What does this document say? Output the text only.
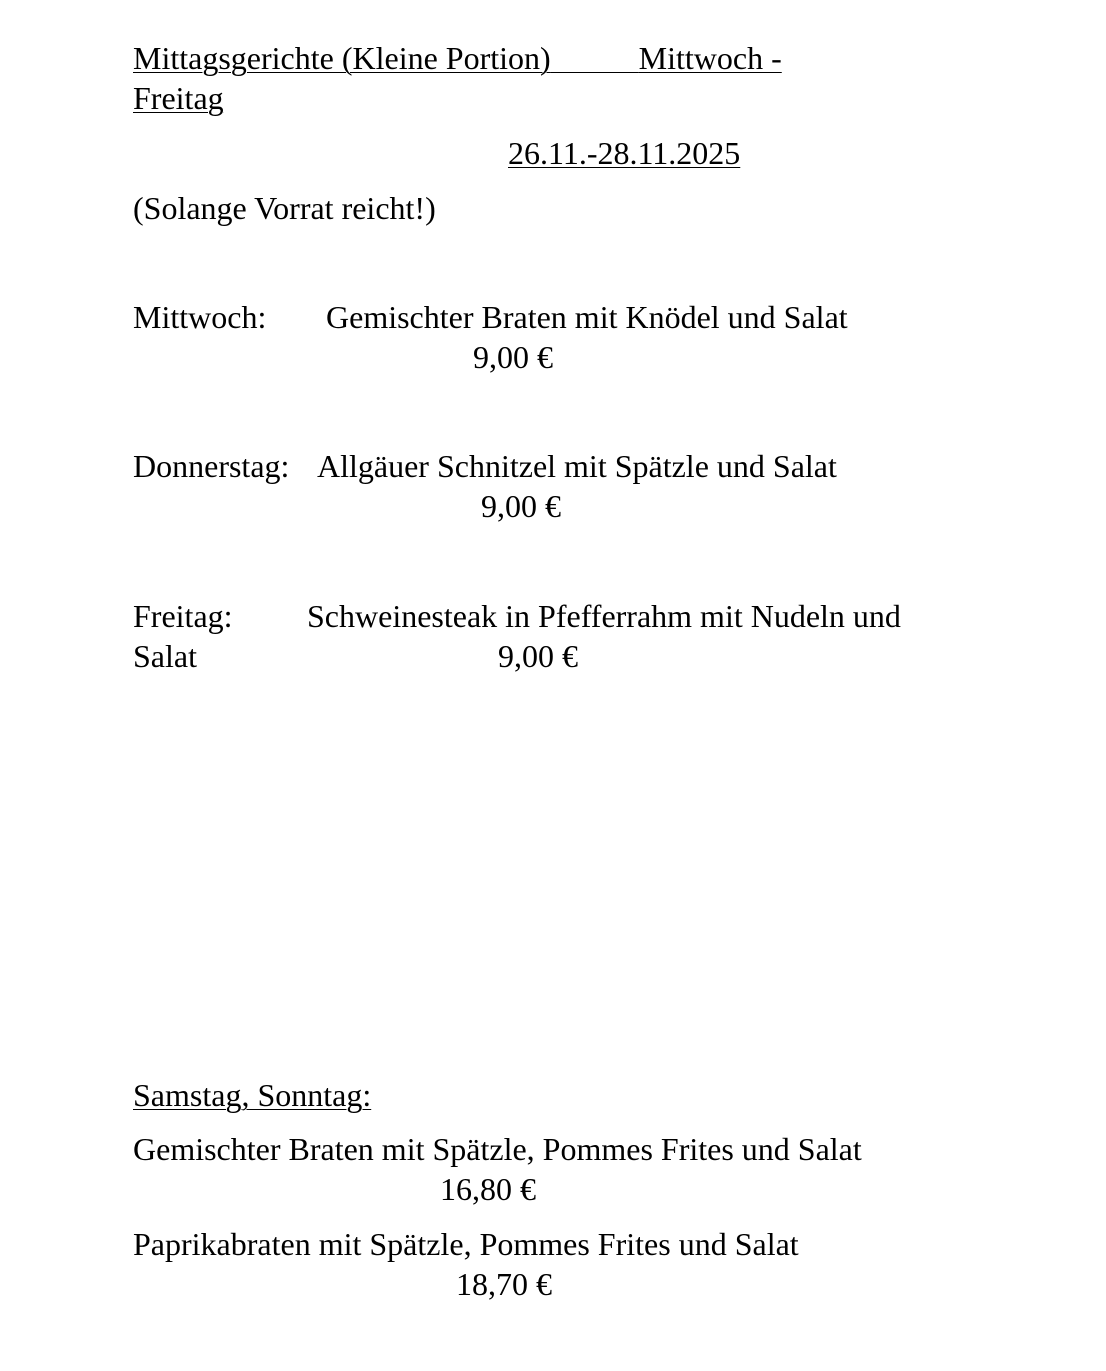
Mittagsgerichte (Kleine Portion)	Mittwoch -

Freitag

26.11.-28.11.2025

(Solange Vorrat reicht!)

Mittwoch: Gemischter Braten mit Knödel und Salat

9,00 €

Donnerstag: Allgäuer Schnitzel mit Spätzle und Salat

9,00 €

Freitag: Schweinesteak in Pfefferrahm mit Nudeln und

Salat	9,00 €

Samstag, Sonntag:

Gemischter Braten mit Spätzle, Pommes Frites und Salat

16,80 €

Paprikabraten mit Spätzle, Pommes Frites und Salat

18,70 €
